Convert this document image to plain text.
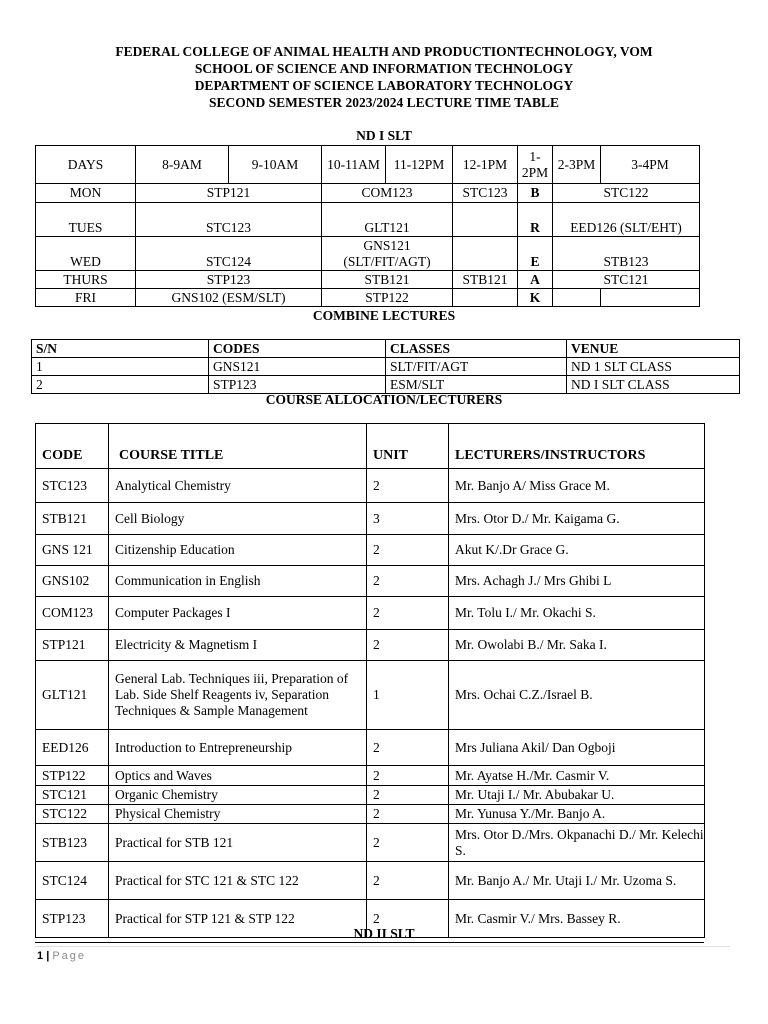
FEDERAL COLLEGE OF ANIMAL HEALTH AND PRODUCTIONTECHNOLOGY, VOM
SCHOOL OF SCIENCE AND INFORMATION TECHNOLOGY
DEPARTMENT OF SCIENCE LABORATORY TECHNOLOGY
SECOND SEMESTER 2023/2024 LECTURE TIME TABLE
ND I SLT
DAYS	8-9AM	9-10AM	10-11AM	11-12PM	12-1PM	1-2PM	2-3PM	3-4PM
MON	STP121		COM123		STC123	B	STC122	
TUES	STC123		GLT121			R	EED126 (SLT/EHT)	
WED	STC124		GNS121 (SLT/FIT/AGT)			E	STB123	
THURS	STP123		STB121		STB121	A	STC121	
FRI	GNS102 (ESM/SLT)		STP122			K		
COMBINE LECTURES
S/N	CODES	CLASSES	VENUE
1	GNS121	SLT/FIT/AGT	ND 1 SLT CLASS
2	STP123	ESM/SLT	ND I SLT CLASS
COURSE ALLOCATION/LECTURERS
CODE	COURSE TITLE	UNIT	LECTURERS/INSTRUCTORS
STC123	Analytical Chemistry	2	Mr. Banjo A/ Miss Grace M.
STB121	Cell Biology	3	Mrs. Otor D./ Mr. Kaigama G.
GNS 121	Citizenship Education	2	Akut K/.Dr Grace G.
GNS102	Communication in English	2	Mrs. Achagh J./ Mrs Ghibi L
COM123	Computer Packages I	2	Mr. Tolu I./ Mr. Okachi S.
STP121	Electricity & Magnetism I	2	Mr. Owolabi B./ Mr. Saka I.
GLT121	General Lab. Techniques iii, Preparation of Lab. Side Shelf Reagents iv, Separation Techniques & Sample Management	1	Mrs. Ochai C.Z./Israel B.
EED126	Introduction to Entrepreneurship	2	Mrs Juliana Akil/ Dan Ogboji
STP122	Optics and Waves	2	Mr. Ayatse H./Mr. Casmir V.
STC121	Organic Chemistry	2	Mr. Utaji I./ Mr. Abubakar U.
STC122	Physical Chemistry	2	Mr. Yunusa Y./Mr. Banjo A.
STB123	Practical for STB 121	2	Mrs. Otor D./Mrs. Okpanachi D./ Mr. Kelechi S.
STC124	Practical for STC 121 & STC 122	2	Mr. Banjo A./ Mr. Utaji I./ Mr. Uzoma S.
STP123	Practical for STP 121 & STP 122	2	Mr. Casmir V./ Mrs. Bassey R.
ND II SLT
1 | Page
